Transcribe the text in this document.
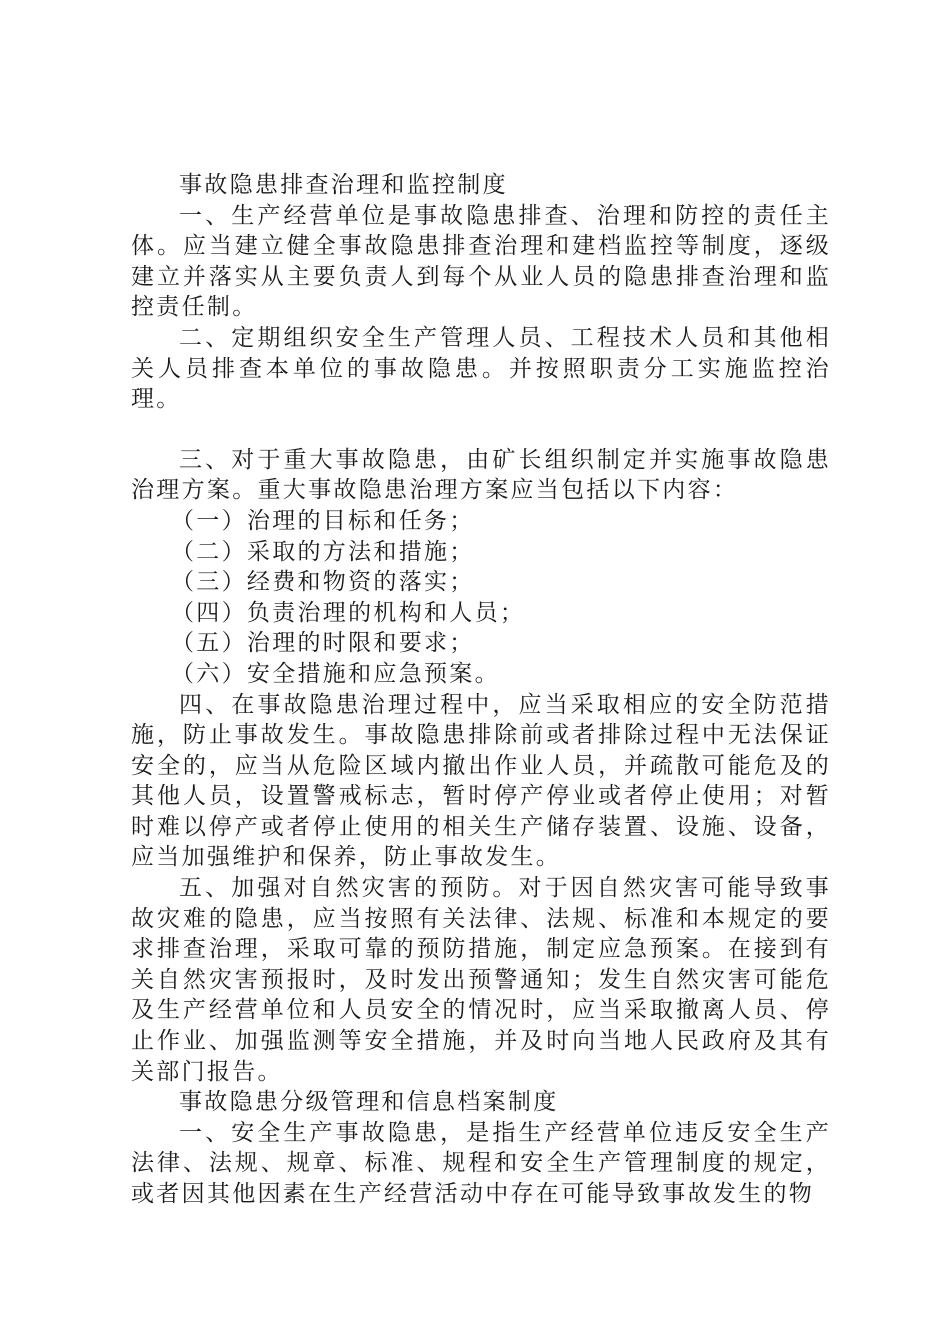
事故隐患排查治理和监控制度

一、生产经营单位是事故隐患排查、治理和防控的责任主体。应当建立健全事故隐患排查治理和建档监控等制度，逐级建立并落实从主要负责人到每个从业人员的隐患排查治理和监控责任制。

二、定期组织安全生产管理人员、工程技术人员和其他相关人员排查本单位的事故隐患。并按照职责分工实施监控治理。

三、对于重大事故隐患，由矿长组织制定并实施事故隐患治理方案。重大事故隐患治理方案应当包括以下内容：

（一）治理的目标和任务；

（二）采取的方法和措施；

（三）经费和物资的落实；

（四）负责治理的机构和人员；

（五）治理的时限和要求；

（六）安全措施和应急预案。

四、在事故隐患治理过程中，应当采取相应的安全防范措施，防止事故发生。事故隐患排除前或者排除过程中无法保证安全的，应当从危险区域内撤出作业人员，并疏散可能危及的其他人员，设置警戒标志，暂时停产停业或者停止使用；对暂时难以停产或者停止使用的相关生产储存装置、设施、设备，应当加强维护和保养，防止事故发生。

五、加强对自然灾害的预防。对于因自然灾害可能导致事故灾难的隐患，应当按照有关法律、法规、标准和本规定的要求排查治理，采取可靠的预防措施，制定应急预案。在接到有关自然灾害预报时，及时发出预警通知；发生自然灾害可能危及生产经营单位和人员安全的情况时，应当采取撤离人员、停止作业、加强监测等安全措施，并及时向当地人民政府及其有关部门报告。

事故隐患分级管理和信息档案制度

一、安全生产事故隐患，是指生产经营单位违反安全生产法律、法规、规章、标准、规程和安全生产管理制度的规定，或者因其他因素在生产经营活动中存在可能导致事故发生的物
